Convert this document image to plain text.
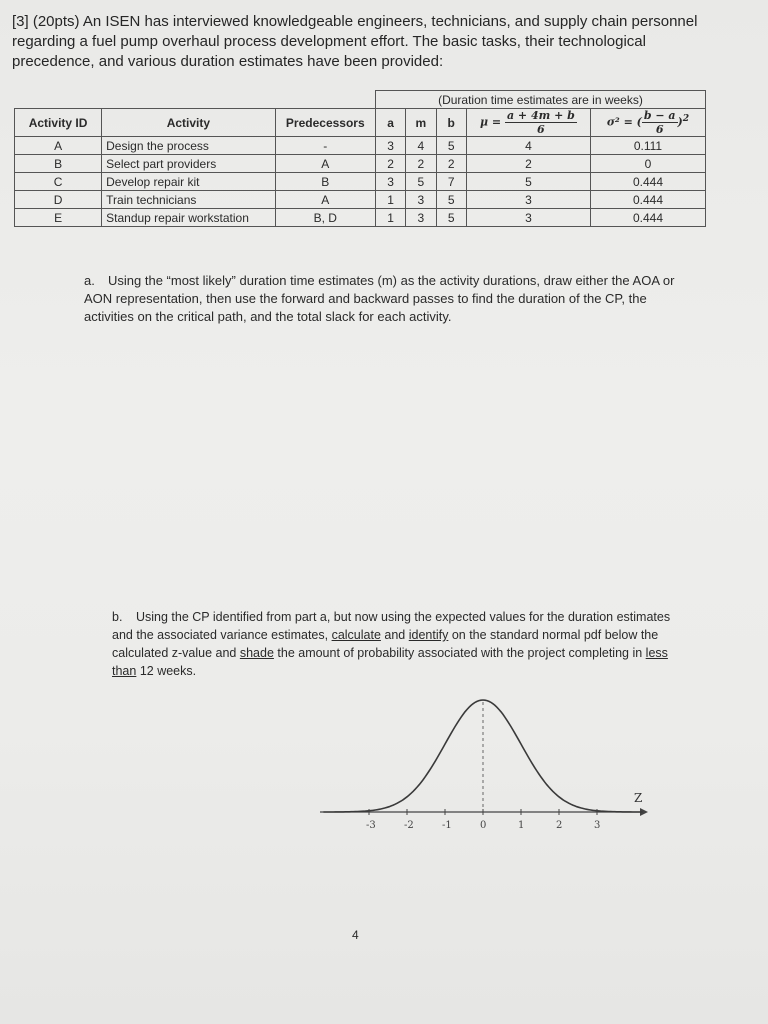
[3] (20pts) An ISEN has interviewed knowledgeable engineers, technicians, and supply chain personnel
regarding a fuel pump overhaul process development effort. The basic tasks, their technological
precedence, and various duration estimates have been provided:
			(Duration time estimates are in weeks)				
Activity ID	Activity	Predecessors	a	m	b	$\mu = \frac{a + 4m + b}{6}$	σ² = ( $\frac{b - a}{6} )^2$
A	Design the process	-	3	4	5	4	0.111
B	Select part providers	A	2	2	2	2	0
C	Develop repair kit	B	3	5	7	5	0.444
D	Train technicians	A	1	3	5	3	0.444
E	Standup repair workstation	B, D	1	3	5	3	0.444
a. Using the “most likely” duration time estimates (m) as the activity durations, draw either the AOA or AON representation, then use the forward and backward passes to find the duration of the CP, the activities on the critical path, and the total slack for each activity.
b. Using the CP identified from part a, but now using the expected values for the duration estimates and the associated variance estimates, calculate and identify on the standard normal pdf below the calculated z-value and shade the amount of probability associated with the project completing in less than 12 weeks.
Z
-3	-2	-1	0	1	2	3
4
